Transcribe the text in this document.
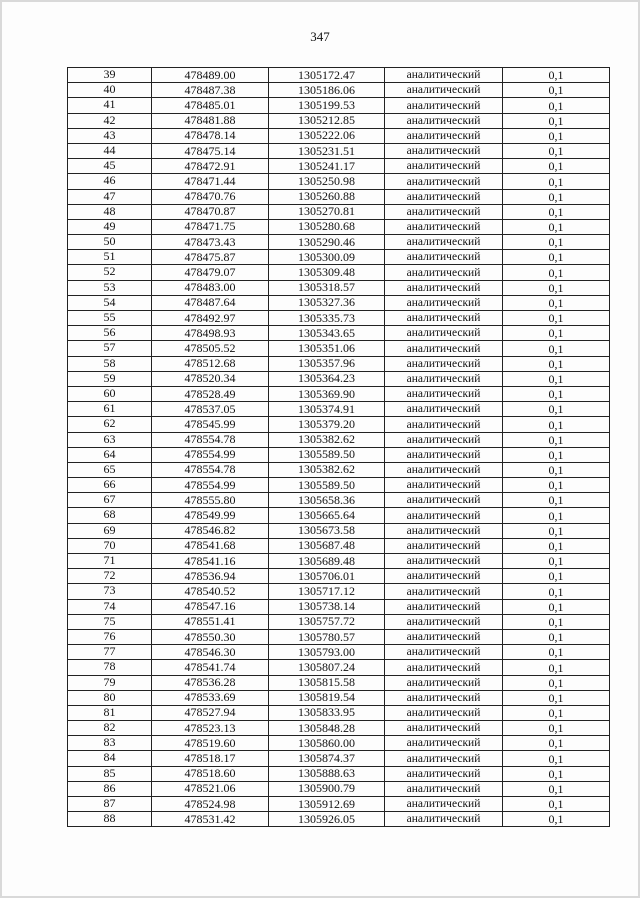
347
39	478489.00	1305172.47	аналитический	0,1
40	478487.38	1305186.06	аналитический	0,1
41	478485.01	1305199.53	аналитический	0,1
42	478481.88	1305212.85	аналитический	0,1
43	478478.14	1305222.06	аналитический	0,1
44	478475.14	1305231.51	аналитический	0,1
45	478472.91	1305241.17	аналитический	0,1
46	478471.44	1305250.98	аналитический	0,1
47	478470.76	1305260.88	аналитический	0,1
48	478470.87	1305270.81	аналитический	0,1
49	478471.75	1305280.68	аналитический	0,1
50	478473.43	1305290.46	аналитический	0,1
51	478475.87	1305300.09	аналитический	0,1
52	478479.07	1305309.48	аналитический	0,1
53	478483.00	1305318.57	аналитический	0,1
54	478487.64	1305327.36	аналитический	0,1
55	478492.97	1305335.73	аналитический	0,1
56	478498.93	1305343.65	аналитический	0,1
57	478505.52	1305351.06	аналитический	0,1
58	478512.68	1305357.96	аналитический	0,1
59	478520.34	1305364.23	аналитический	0,1
60	478528.49	1305369.90	аналитический	0,1
61	478537.05	1305374.91	аналитический	0,1
62	478545.99	1305379.20	аналитический	0,1
63	478554.78	1305382.62	аналитический	0,1
64	478554.99	1305589.50	аналитический	0,1
65	478554.78	1305382.62	аналитический	0,1
66	478554.99	1305589.50	аналитический	0,1
67	478555.80	1305658.36	аналитический	0,1
68	478549.99	1305665.64	аналитический	0,1
69	478546.82	1305673.58	аналитический	0,1
70	478541.68	1305687.48	аналитический	0,1
71	478541.16	1305689.48	аналитический	0,1
72	478536.94	1305706.01	аналитический	0,1
73	478540.52	1305717.12	аналитический	0,1
74	478547.16	1305738.14	аналитический	0,1
75	478551.41	1305757.72	аналитический	0,1
76	478550.30	1305780.57	аналитический	0,1
77	478546.30	1305793.00	аналитический	0,1
78	478541.74	1305807.24	аналитический	0,1
79	478536.28	1305815.58	аналитический	0,1
80	478533.69	1305819.54	аналитический	0,1
81	478527.94	1305833.95	аналитический	0,1
82	478523.13	1305848.28	аналитический	0,1
83	478519.60	1305860.00	аналитический	0,1
84	478518.17	1305874.37	аналитический	0,1
85	478518.60	1305888.63	аналитический	0,1
86	478521.06	1305900.79	аналитический	0,1
87	478524.98	1305912.69	аналитический	0,1
88	478531.42	1305926.05	аналитический	0,1
